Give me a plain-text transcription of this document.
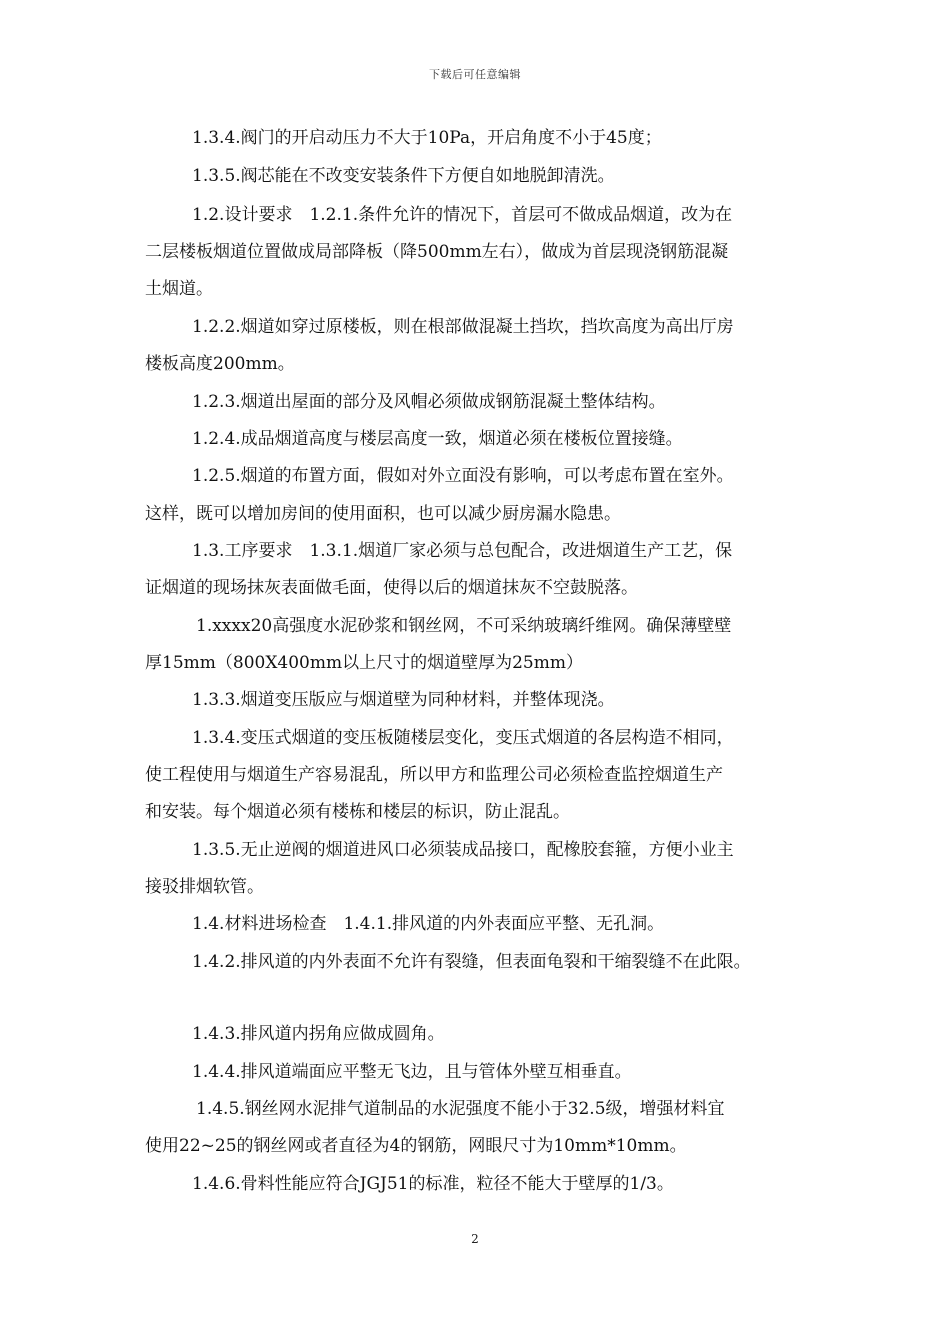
下载后可任意编辑
1.3.4.阀门的开启动压力不大于10Pa，开启角度不小于45度；
1.3.5.阀芯能在不改变安装条件下方便自如地脱卸清洗。
1.2.设计要求　1.2.1.条件允许的情况下，首层可不做成品烟道，改为在
二层楼板烟道位置做成局部降板（降500mm左右），做成为首层现浇钢筋混凝
土烟道。
1.2.2.烟道如穿过原楼板，则在根部做混凝土挡坎，挡坎高度为高出厅房
楼板高度200mm。
1.2.3.烟道出屋面的部分及风帽必须做成钢筋混凝土整体结构。
1.2.4.成品烟道高度与楼层高度一致，烟道必须在楼板位置接缝。
1.2.5.烟道的布置方面，假如对外立面没有影响，可以考虑布置在室外。
这样，既可以增加房间的使用面积，也可以减少厨房漏水隐患。
1.3.工序要求　1.3.1.烟道厂家必须与总包配合，改进烟道生产工艺，保
证烟道的现场抹灰表面做毛面，使得以后的烟道抹灰不空鼓脱落。
1.xxxx20高强度水泥砂浆和钢丝网，不可采纳玻璃纤维网。确保薄壁壁
厚15mm（800X400mm以上尺寸的烟道壁厚为25mm）
1.3.3.烟道变压版应与烟道壁为同种材料，并整体现浇。
1.3.4.变压式烟道的变压板随楼层变化，变压式烟道的各层构造不相同，
使工程使用与烟道生产容易混乱，所以甲方和监理公司必须检查监控烟道生产
和安装。每个烟道必须有楼栋和楼层的标识，防止混乱。
1.3.5.无止逆阀的烟道进风口必须装成品接口，配橡胶套箍，方便小业主
接驳排烟软管。
1.4.材料进场检查　1.4.1.排风道的内外表面应平整、无孔洞。
1.4.2.排风道的内外表面不允许有裂缝，但表面龟裂和干缩裂缝不在此限。
1.4.3.排风道内拐角应做成圆角。
1.4.4.排风道端面应平整无飞边，且与管体外壁互相垂直。
1.4.5.钢丝网水泥排气道制品的水泥强度不能小于32.5级，增强材料宜
使用22~25的钢丝网或者直径为4的钢筋，网眼尺寸为10mm*10mm。
1.4.6.骨料性能应符合JGJ51的标准，粒径不能大于壁厚的1/3。
2
